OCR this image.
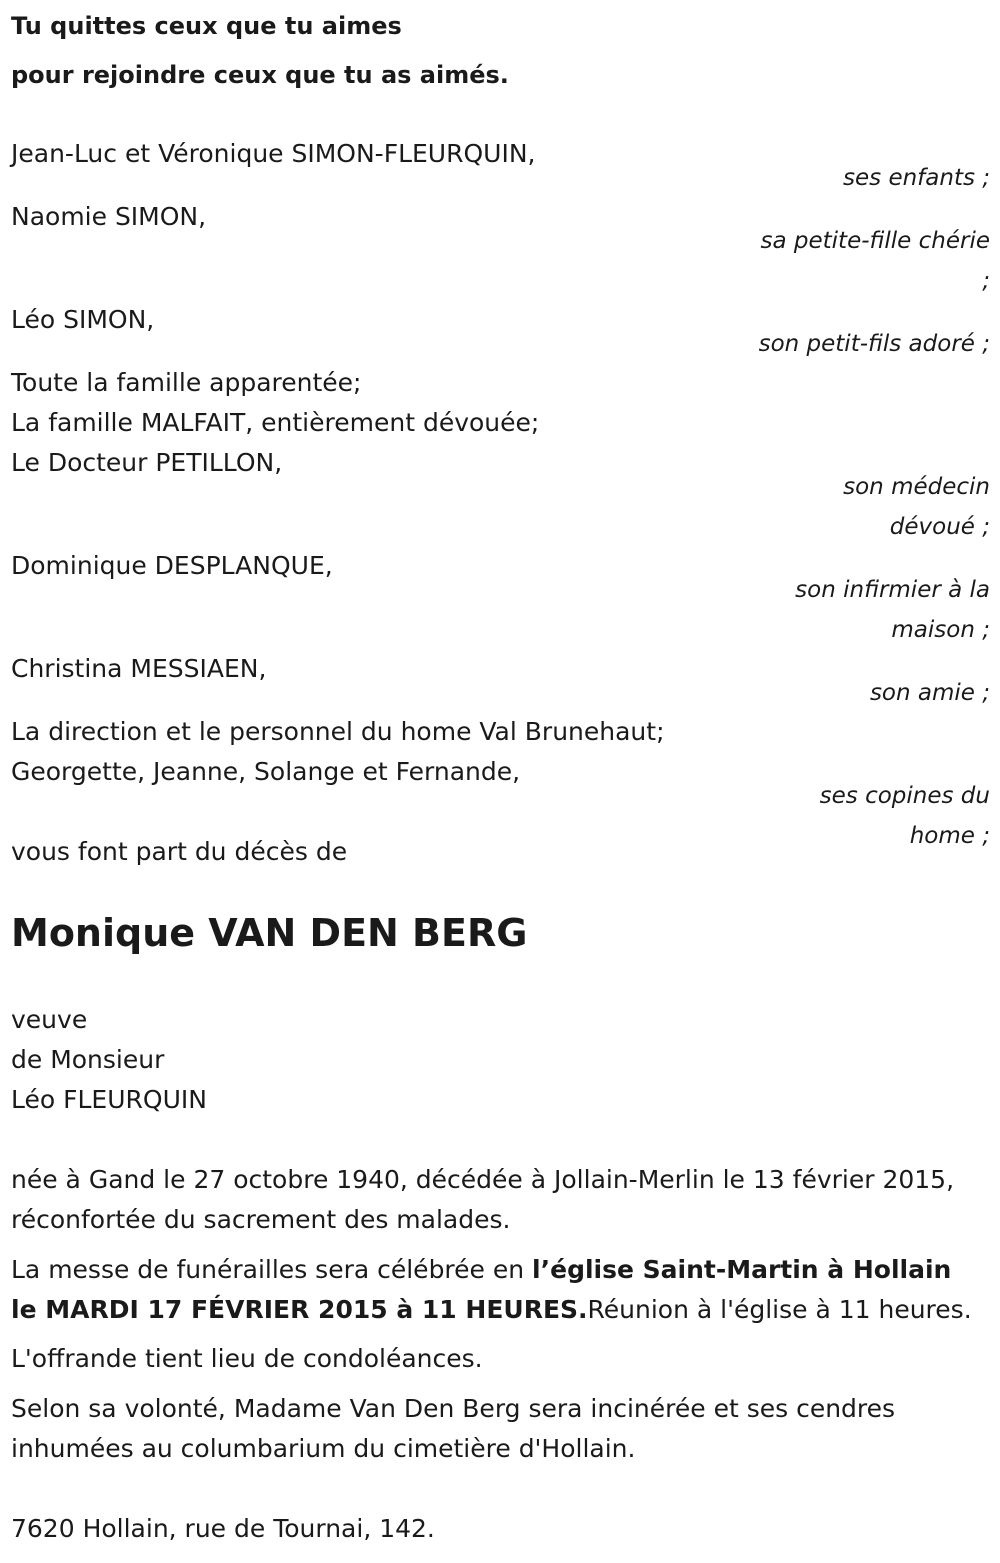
Tu quittes ceux que tu aimes

pour rejoindre ceux que tu as aimés.

Jean-Luc et Véronique SIMON-FLEURQUIN,

ses enfants ;

Naomie SIMON,

sa petite-fille chérie

;

Léo SIMON,

son petit-fils adoré ;

Toute la famille apparentée;

La famille MALFAIT, entièrement dévouée;

Le Docteur PETILLON,

son médecin

dévoué ;

Dominique DESPLANQUE,

son infirmier à la

maison ;

Christina MESSIAEN,

son amie ;

La direction et le personnel du home Val Brunehaut;

Georgette, Jeanne, Solange et Fernande,

ses copines du

home ;

vous font part du décès de

Monique VAN DEN BERG

veuve

de Monsieur

Léo FLEURQUIN

née à Gand le 27 octobre 1940, décédée à Jollain-Merlin le 13 février 2015,

réconfortée du sacrement des malades.

La messe de funérailles sera célébrée en l’église Saint-Martin à Hollain

le MARDI 17 FÉVRIER 2015 à 11 HEURES.Réunion à l'église à 11 heures.

L'offrande tient lieu de condoléances.

Selon sa volonté, Madame Van Den Berg sera incinérée et ses cendres

inhumées au columbarium du cimetière d'Hollain.

7620 Hollain, rue de Tournai, 142.
